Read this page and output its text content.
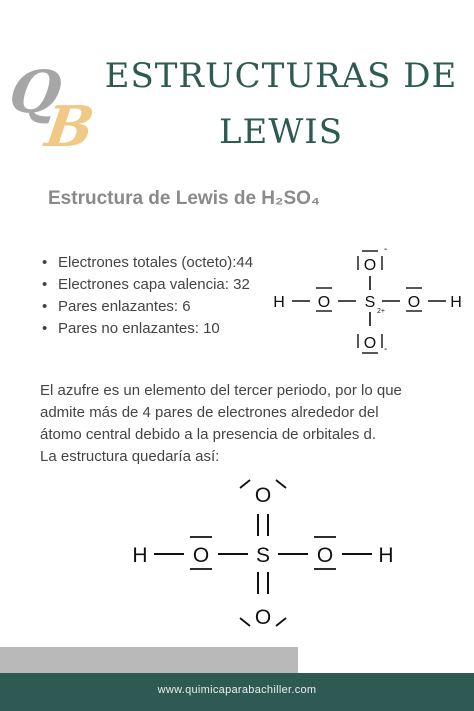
Q
B
ESTRUCTURAS DE
LEWIS
Estructura de Lewis de H₂SO₄
• Electrones totales (octeto):44
• Electrones capa valencia: 32
• Pares enlazantes: 6
• Pares no enlazantes: 10
H O S
2+
O H
O
-
O -

El azufre es un elemento del tercer periodo, por lo que

admite más de 4 pares de electrones alrededor del

átomo central debido a la presencia de orbitales d.

La estructura quedaría así:

H O S O H
O
O
www.quimicaparabachiller.com
